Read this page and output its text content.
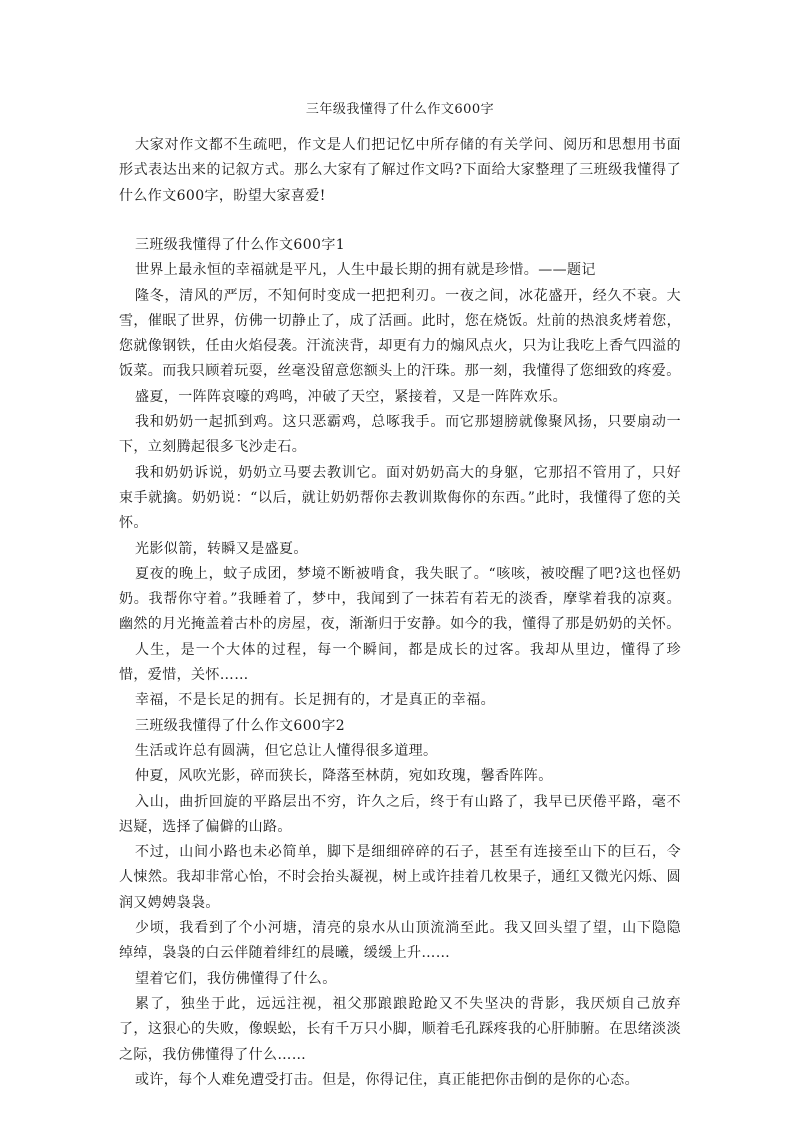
三年级我懂得了什么作文600字

大家对作文都不生疏吧，作文是人们把记忆中所存储的有关学问、阅历和思想用书面形式表达出来的记叙方式。那么大家有了解过作文吗?下面给大家整理了三班级我懂得了什么作文600字，盼望大家喜爱!

三班级我懂得了什么作文600字1

世界上最永恒的幸福就是平凡，人生中最长期的拥有就是珍惜。——题记

隆冬，清风的严厉，不知何时变成一把把利刃。一夜之间，冰花盛开，经久不衰。大雪，催眠了世界，仿佛一切静止了，成了活画。此时，您在烧饭。灶前的热浪炙烤着您，您就像钢铁，任由火焰侵袭。汗流浃背，却更有力的煽风点火，只为让我吃上香气四溢的饭菜。而我只顾着玩耍，丝毫没留意您额头上的汗珠。那一刻，我懂得了您细致的疼爱。

盛夏，一阵阵哀嚎的鸡鸣，冲破了天空，紧接着，又是一阵阵欢乐。

我和奶奶一起抓到鸡。这只恶霸鸡，总啄我手。而它那翅膀就像聚风扬，只要扇动一下，立刻腾起很多飞沙走石。

我和奶奶诉说，奶奶立马要去教训它。面对奶奶高大的身躯，它那招不管用了，只好束手就擒。奶奶说：“以后，就让奶奶帮你去教训欺侮你的东西。”此时，我懂得了您的关怀。

光影似箭，转瞬又是盛夏。

夏夜的晚上，蚊子成团，梦境不断被啃食，我失眠了。“咳咳，被咬醒了吧?这也怪奶奶。我帮你守着。”我睡着了，梦中，我闻到了一抹若有若无的淡香，摩挲着我的凉爽。幽然的月光掩盖着古朴的房屋，夜，渐渐归于安静。如今的我，懂得了那是奶奶的关怀。

人生，是一个大体的过程，每一个瞬间，都是成长的过客。我却从里边，懂得了珍惜，爱惜，关怀……

幸福，不是长足的拥有。长足拥有的，才是真正的幸福。

三班级我懂得了什么作文600字2

生活或许总有圆满，但它总让人懂得很多道理。

仲夏，风吹光影，碎而狭长，降落至林荫，宛如玫瑰，馨香阵阵。

入山，曲折回旋的平路层出不穷，许久之后，终于有山路了，我早已厌倦平路，毫不迟疑，选择了偏僻的山路。

不过，山间小路也未必简单，脚下是细细碎碎的石子，甚至有连接至山下的巨石，令人悚然。我却非常心怡，不时会抬头凝视，树上或许挂着几枚果子，通红又微光闪烁、圆润又娉娉袅袅。

少顷，我看到了个小河塘，清亮的泉水从山顶流淌至此。我又回头望了望，山下隐隐绰绰，袅袅的白云伴随着绯红的晨曦，缓缓上升……

望着它们，我仿佛懂得了什么。

累了，独坐于此，远远注视，祖父那踉踉跄跄又不失坚决的背影，我厌烦自己放弃了，这狠心的失败，像蜈蚣，长有千万只小脚，顺着毛孔踩疼我的心肝肺腑。在思绪淡淡之际，我仿佛懂得了什么……

或许，每个人难免遭受打击。但是，你得记住，真正能把你击倒的是你的心态。
